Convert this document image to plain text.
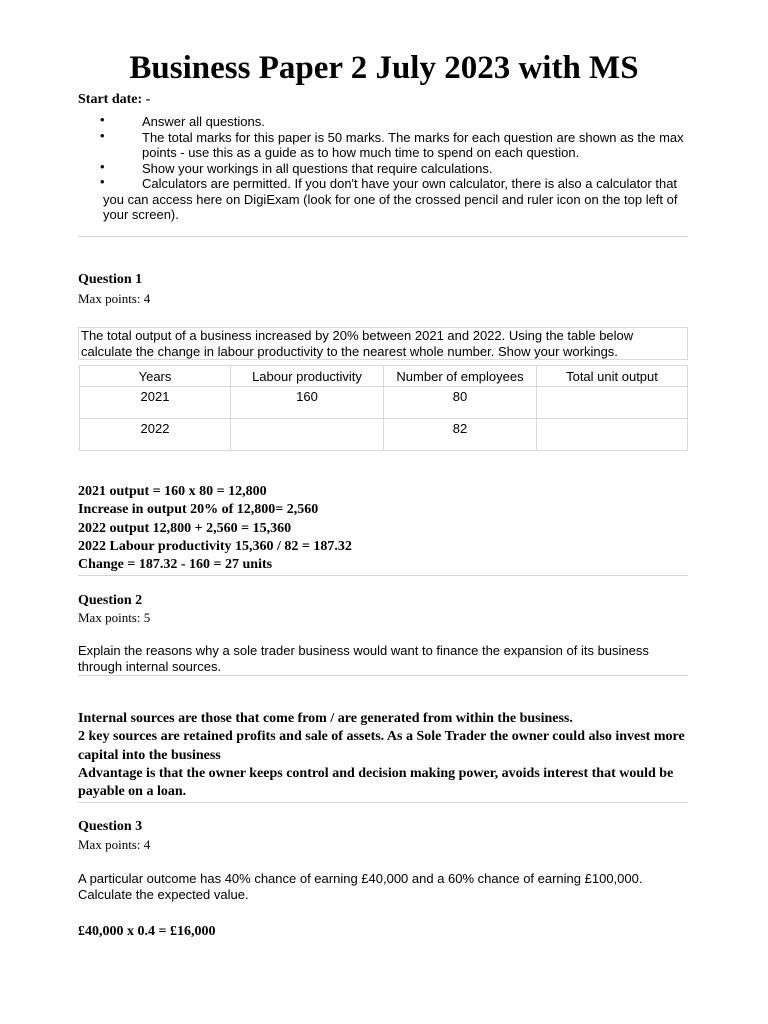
Business Paper 2 July 2023 with MS
Start date: -
•	Answer all questions.
•	The total marks for this paper is 50 marks. The marks for each question are shown as the max points - use this as a guide as to how much time to spend on each question.
•	Show your workings in all questions that require calculations.
•	Calculators are permitted. If you don't have your own calculator, there is also a calculator that you can access here on DigiExam (look for one of the crossed pencil and ruler icon on the top left of your screen).
Question 1
Max points: 4
The total output of a business increased by 20% between 2021 and 2022. Using the table below calculate the change in labour productivity to the nearest whole number. Show your workings.
Years	Labour productivity	Number of employees	Total unit output
2021	160	80	
2022		82	
2021 output = 160 x 80 = 12,800
Increase in output 20% of 12,800= 2,560
2022 output 12,800 + 2,560 = 15,360
2022 Labour productivity 15,360 / 82 = 187.32
Change = 187.32 - 160 = 27 units
Question 2
Max points: 5
Explain the reasons why a sole trader business would want to finance the expansion of its business through internal sources.
Internal sources are those that come from / are generated from within the business.
2 key sources are retained profits and sale of assets. As a Sole Trader the owner could also invest more capital into the business
Advantage is that the owner keeps control and decision making power, avoids interest that would be payable on a loan.
Question 3
Max points: 4
A particular outcome has 40% chance of earning £40,000 and a 60% chance of earning £100,000. Calculate the expected value.
£40,000 x 0.4 = £16,000
